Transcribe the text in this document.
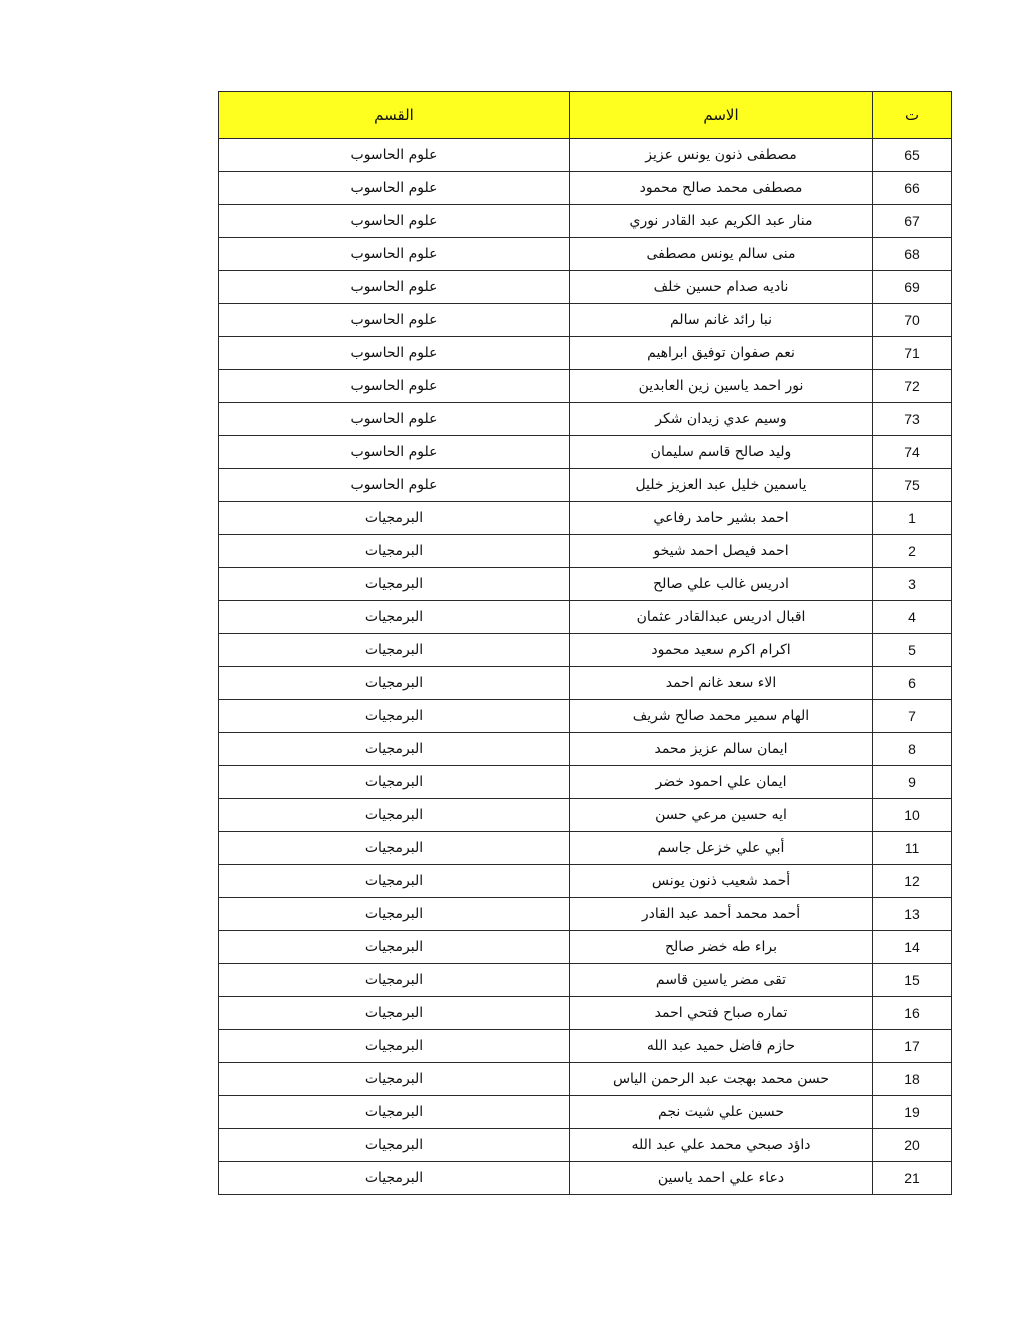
القسم	الاسم	ت
علوم الحاسوب	مصطفى ذنون يونس عزيز	65
علوم الحاسوب	مصطفى محمد صالح محمود	66
علوم الحاسوب	منار عبد الكريم عبد القادر نوري	67
علوم الحاسوب	منى سالم يونس مصطفى	68
علوم الحاسوب	ناديه صدام حسين خلف	69
علوم الحاسوب	نبا رائد غانم سالم	70
علوم الحاسوب	نعم صفوان توفيق ابراهيم	71
علوم الحاسوب	نور احمد ياسين زين العابدين	72
علوم الحاسوب	وسيم عدي زيدان شكر	73
علوم الحاسوب	وليد صالح قاسم سليمان	74
علوم الحاسوب	ياسمين خليل عبد العزيز خليل	75
البرمجيات	احمد بشير حامد رفاعي	1
البرمجيات	احمد فيصل احمد شيخو	2
البرمجيات	ادريس غالب علي صالح	3
البرمجيات	اقبال ادريس عبدالقادر عثمان	4
البرمجيات	اكرام اكرم سعيد محمود	5
البرمجيات	الاء سعد غانم احمد	6
البرمجيات	الهام سمير محمد صالح شريف	7
البرمجيات	ايمان سالم عزيز محمد	8
البرمجيات	ايمان علي احمود خضر	9
البرمجيات	ايه حسين مرعي حسن	10
البرمجيات	أبي علي خزعل جاسم	11
البرمجيات	أحمد شعيب ذنون يونس	12
البرمجيات	أحمد محمد أحمد عبد القادر	13
البرمجيات	براء طه خضر صالح	14
البرمجيات	تقى مضر ياسين قاسم	15
البرمجيات	تماره صباح فتحي احمد	16
البرمجيات	حازم فاضل حميد عبد الله	17
البرمجيات	حسن محمد بهجت عبد الرحمن الياس	18
البرمجيات	حسين علي شيت نجم	19
البرمجيات	داؤد صبحي محمد علي عبد الله	20
البرمجيات	دعاء علي احمد ياسين	21
